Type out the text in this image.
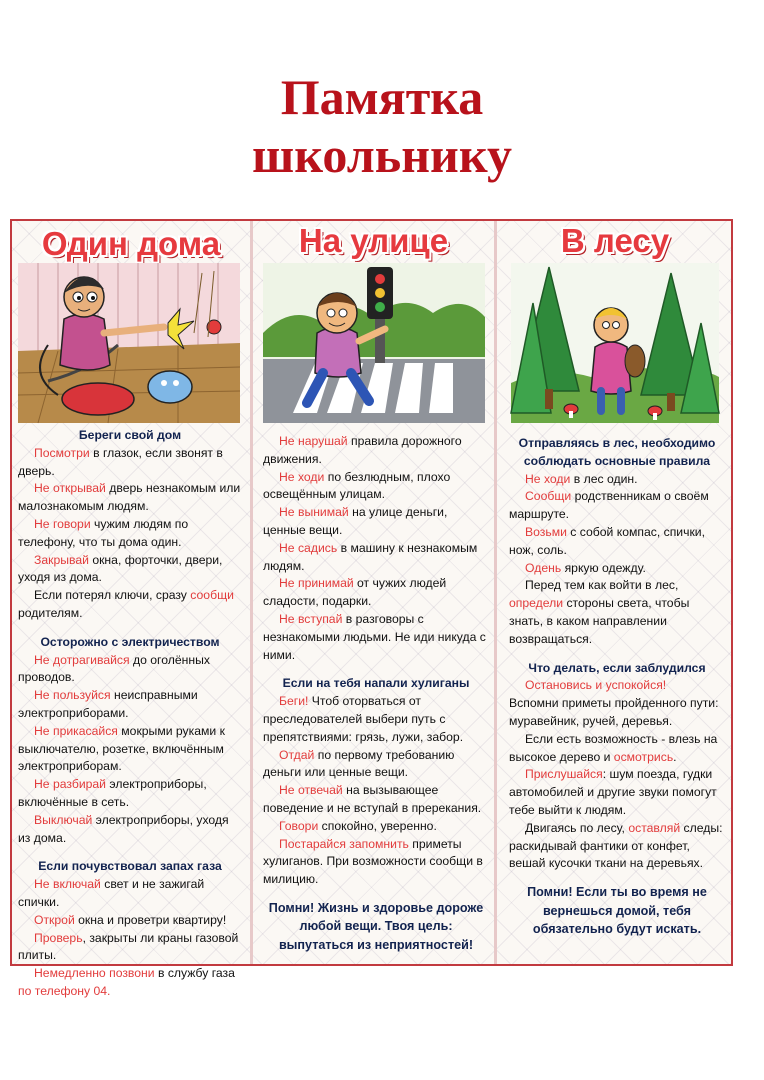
Памятка
школьнику
Один дома

Береги свой дом

Посмотри в глазок, если звонят в дверь.

Не открывай дверь незнакомым или малознакомым людям.

Не говори чужим людям по телефону, что ты дома один.

Закрывай окна, форточки, двери, уходя из дома.

Если потерял ключи, сразу сообщи родителям.

Осторожно с электричеством

Не дотрагивайся до оголённых проводов.

Не пользуйся неисправными электроприборами.

Не прикасайся мокрыми руками к выключателю, розетке, включённым электроприборам.

Не разбирай электроприборы, включённые в сеть.

Выключай электроприборы, уходя из дома.

Если почувствовал запах газа

Не включай свет и не зажигай спички.

Открой окна и проветри квартиру!

Проверь, закрыты ли краны газовой плиты.

Немедленно позвони в службу газа по телефону 04.

На улице

Не нарушай правила дорожного движения.

Не ходи по безлюдным, плохо освещённым улицам.

Не вынимай на улице деньги, ценные вещи.

Не садись в машину к незнакомым людям.

Не принимай от чужих людей сладости, подарки.

Не вступай в разговоры с незнакомыми людьми. Не иди никуда с ними.

Если на тебя напали хулиганы

Беги! Чтоб оторваться от преследователей выбери путь с препятствиями: грязь, лужи, забор.

Отдай по первому требованию деньги или ценные вещи.

Не отвечай на вызывающее поведение и не вступай в пререкания.

Говори спокойно, уверенно.

Постарайся запомнить приметы хулиганов. При возможности сообщи в милицию.

Помни! Жизнь и здоровье дороже любой вещи. Твоя цель: выпутаться из неприятностей!

В лесу

Отправляясь в лес, необходимо соблюдать основные правила

Не ходи в лес один.

Сообщи родственникам о своём маршруте.

Возьми с собой компас, спички, нож, соль.

Одень яркую одежду.

Перед тем как войти в лес, определи стороны света, чтобы знать, в каком направлении возвращаться.

Что делать, если заблудился

Остановись и успокойся!

Вспомни приметы пройденного пути: муравейник, ручей, деревья.

Если есть возможность - влезь на высокое дерево и осмотрись.

Прислушайся: шум поезда, гудки автомобилей и другие звуки помогут тебе выйти к людям.

Двигаясь по лесу, оставляй следы: раскидывай фантики от конфет, вешай кусочки ткани на деревьях.

Помни! Если ты во время не вернешься домой, тебя обязательно будут искать.
